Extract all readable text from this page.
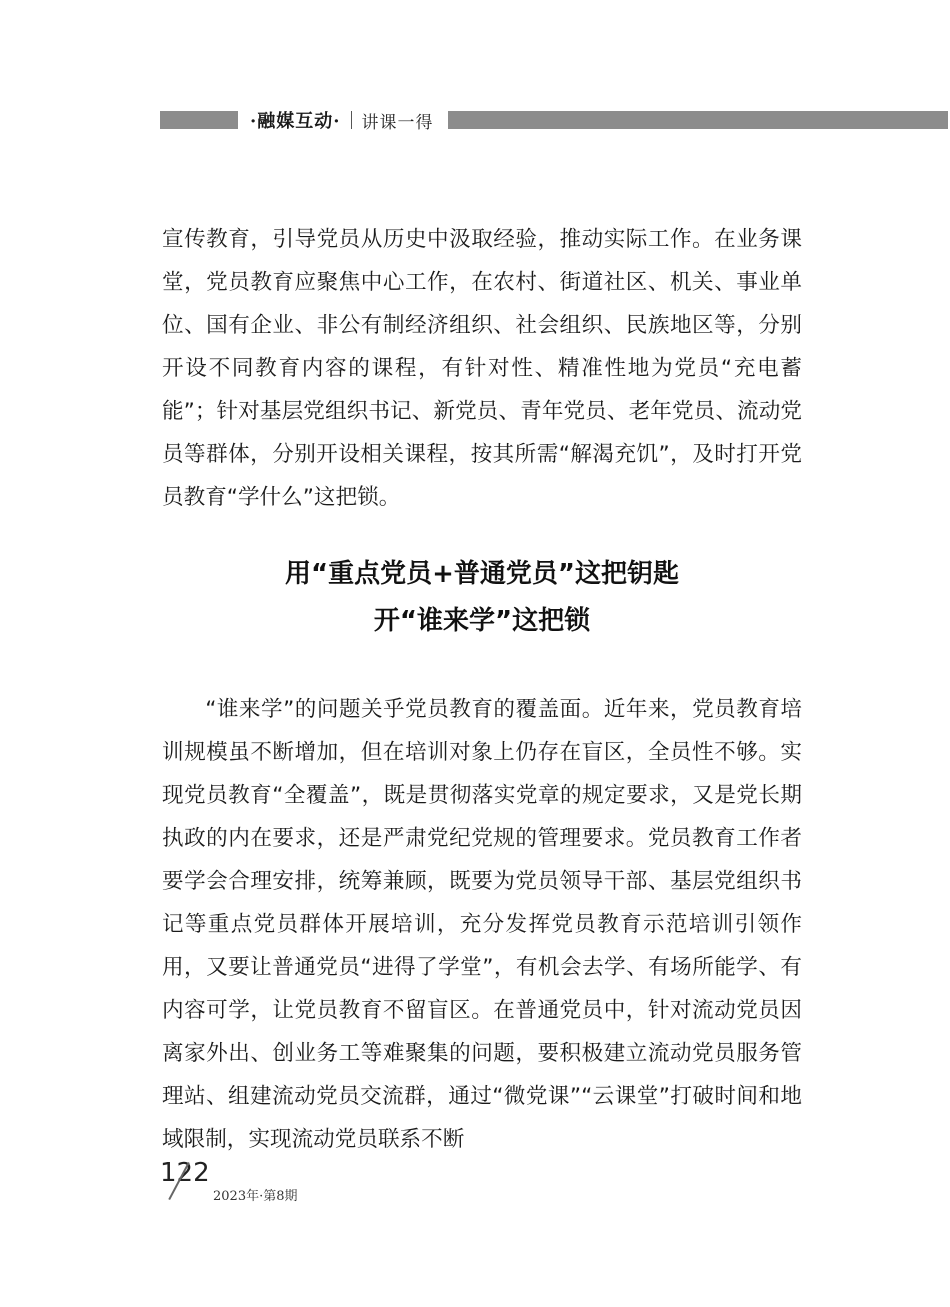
·融媒互动· 讲课一得

宣传教育，引导党员从历史中汲取经验，推动实际工作。在业务课堂，党员教育应聚焦中心工作，在农村、街道社区、机关、事业单位、国有企业、非公有制经济组织、社会组织、民族地区等，分别开设不同教育内容的课程，有针对性、精准性地为党员“充电蓄能”；针对基层党组织书记、新党员、青年党员、老年党员、流动党员等群体，分别开设相关课程，按其所需“解渴充饥”，及时打开党员教育“学什么”这把锁。

用“重点党员+普通党员”这把钥匙
开“谁来学”这把锁

“谁来学”的问题关乎党员教育的覆盖面。近年来，党员教育培训规模虽不断增加，但在培训对象上仍存在盲区，全员性不够。实现党员教育“全覆盖”，既是贯彻落实党章的规定要求，又是党长期执政的内在要求，还是严肃党纪党规的管理要求。党员教育工作者要学会合理安排，统筹兼顾，既要为党员领导干部、基层党组织书记等重点党员群体开展培训，充分发挥党员教育示范培训引领作用，又要让普通党员“进得了学堂”，有机会去学、有场所能学、有内容可学，让党员教育不留盲区。在普通党员中，针对流动党员因离家外出、创业务工等难聚集的问题，要积极建立流动党员服务管理站、组建流动党员交流群，通过“微党课”“云课堂”打破时间和地域限制，实现流动党员联系不断

122
2023年·第8期
